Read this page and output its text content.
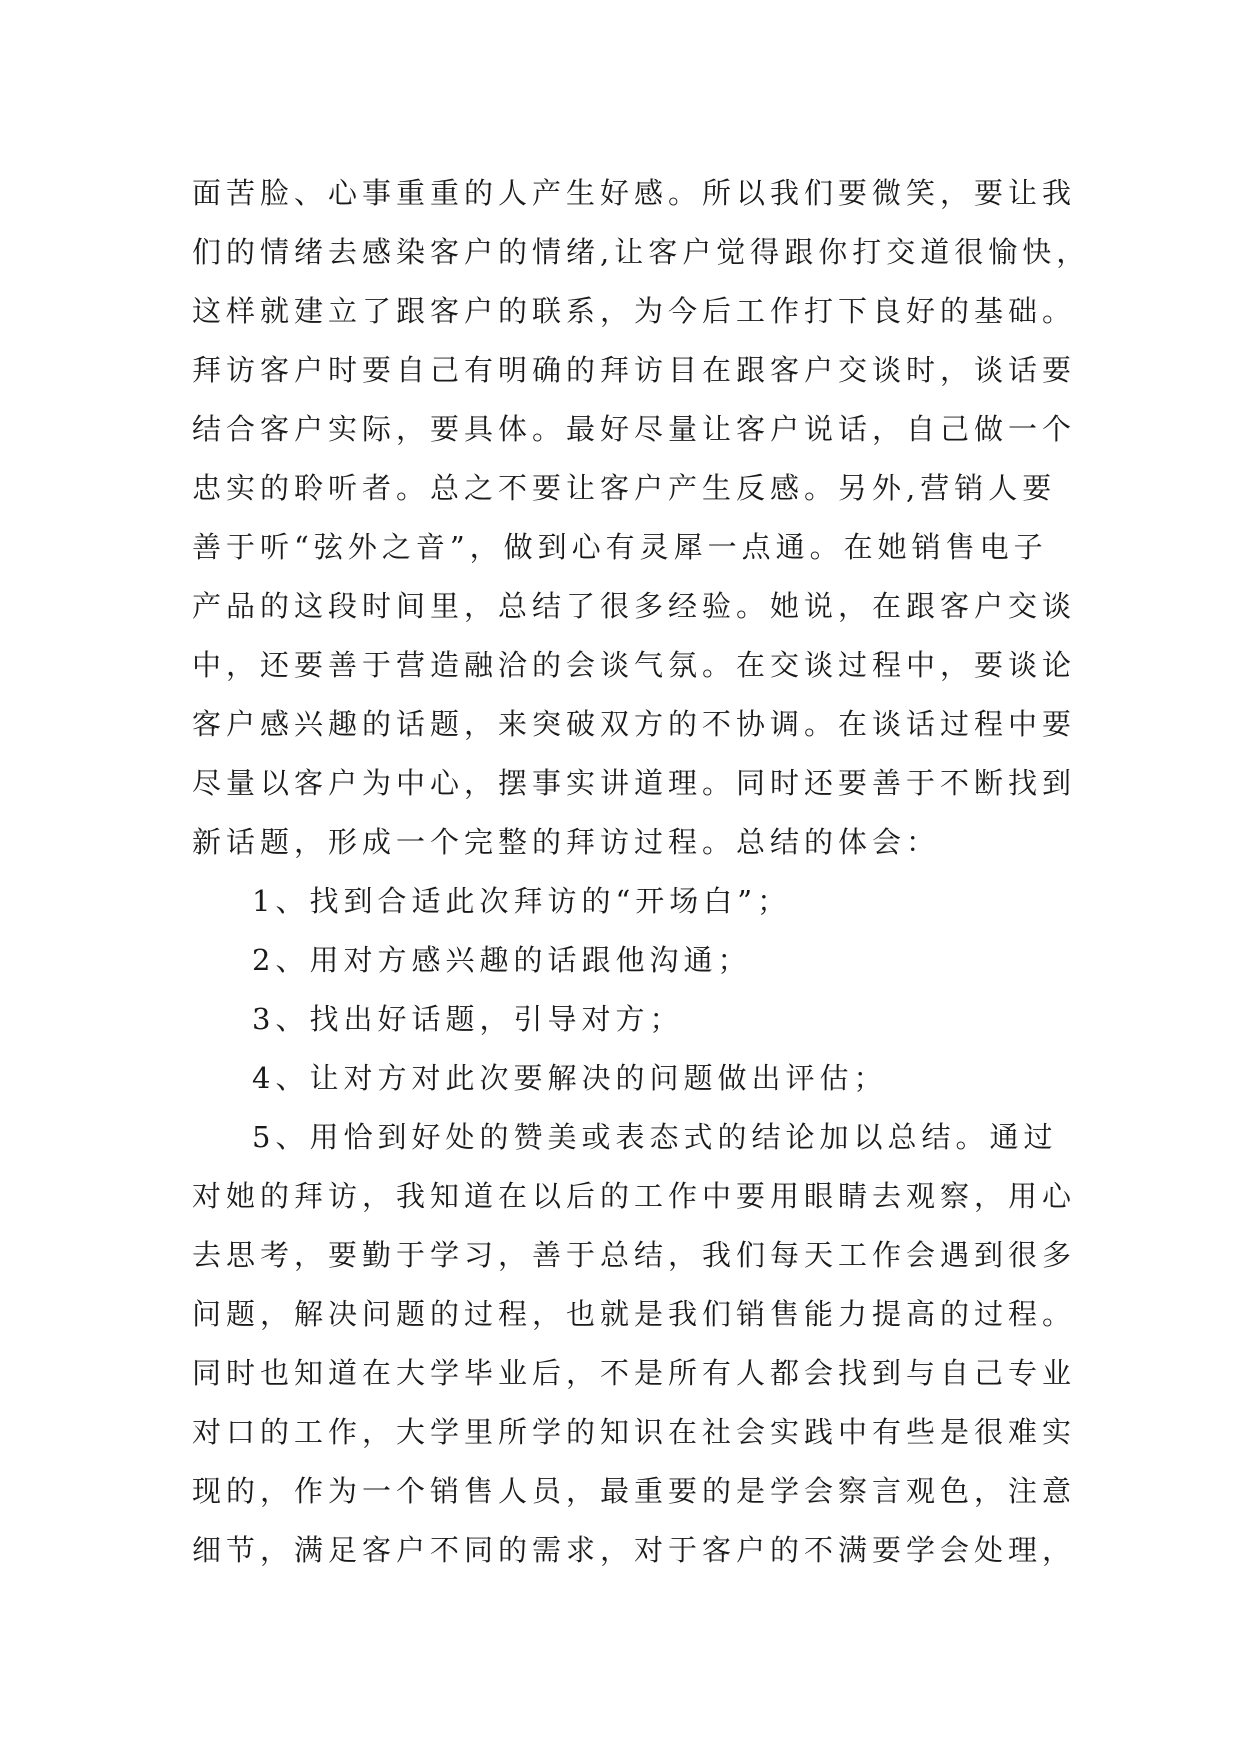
面苦脸、心事重重的人产生好感。所以我们要微笑，要让我
们的情绪去感染客户的情绪,让客户觉得跟你打交道很愉快，
这样就建立了跟客户的联系，为今后工作打下良好的基础。
拜访客户时要自己有明确的拜访目在跟客户交谈时，谈话要
结合客户实际，要具体。最好尽量让客户说话，自己做一个
忠实的聆听者。总之不要让客户产生反感。另外,营销人要
善于听“弦外之音”，做到心有灵犀一点通。在她销售电子
产品的这段时间里，总结了很多经验。她说，在跟客户交谈
中，还要善于营造融洽的会谈气氛。在交谈过程中，要谈论
客户感兴趣的话题，来突破双方的不协调。在谈话过程中要
尽量以客户为中心，摆事实讲道理。同时还要善于不断找到
新话题，形成一个完整的拜访过程。总结的体会：
1、找到合适此次拜访的“开场白”；
2、用对方感兴趣的话跟他沟通；
3、找出好话题，引导对方；
4、让对方对此次要解决的问题做出评估；
5、用恰到好处的赞美或表态式的结论加以总结。通过
对她的拜访，我知道在以后的工作中要用眼睛去观察，用心
去思考，要勤于学习，善于总结，我们每天工作会遇到很多
问题，解决问题的过程，也就是我们销售能力提高的过程。
同时也知道在大学毕业后，不是所有人都会找到与自己专业
对口的工作，大学里所学的知识在社会实践中有些是很难实
现的，作为一个销售人员，最重要的是学会察言观色，注意
细节，满足客户不同的需求，对于客户的不满要学会处理，
